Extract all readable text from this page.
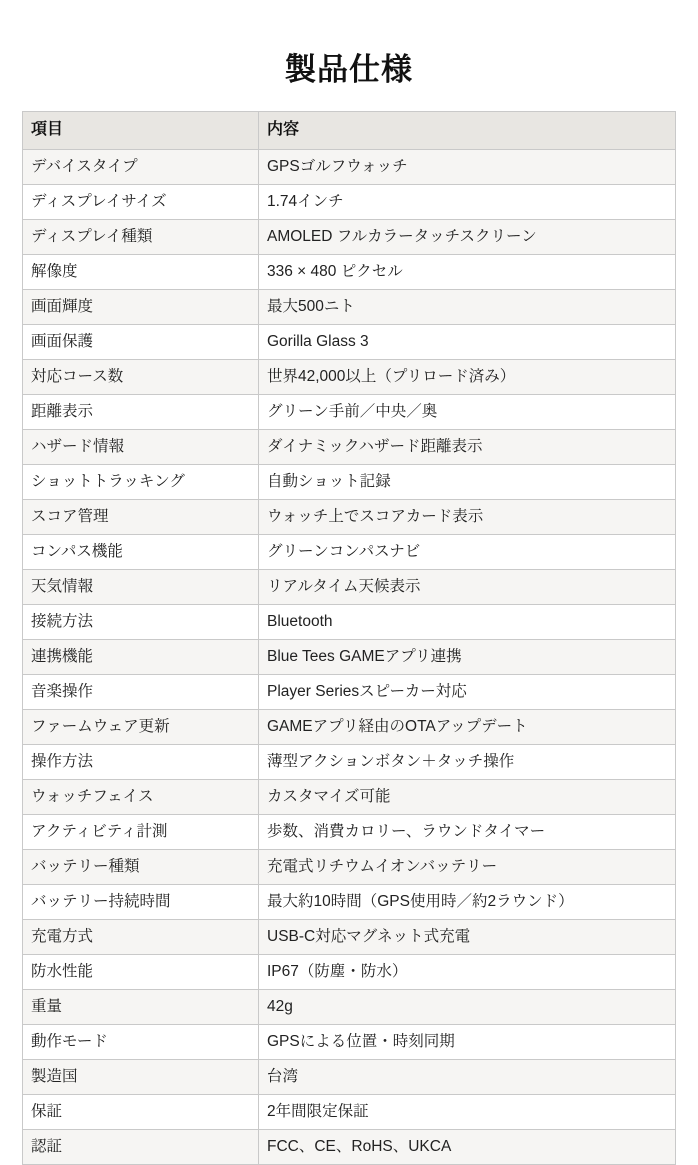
製品仕様
項目	内容
デバイスタイプ	GPSゴルフウォッチ
ディスプレイサイズ	1.74インチ
ディスプレイ種類	AMOLED フルカラータッチスクリーン
解像度	336 × 480 ピクセル
画面輝度	最大500ニト
画面保護	Gorilla Glass 3
対応コース数	世界42,000以上（プリロード済み）
距離表示	グリーン手前／中央／奥
ハザード情報	ダイナミックハザード距離表示
ショットトラッキング	自動ショット記録
スコア管理	ウォッチ上でスコアカード表示
コンパス機能	グリーンコンパスナビ
天気情報	リアルタイム天候表示
接続方法	Bluetooth
連携機能	Blue Tees GAMEアプリ連携
音楽操作	Player Seriesスピーカー対応
ファームウェア更新	GAMEアプリ経由のOTAアップデート
操作方法	薄型アクションボタン＋タッチ操作
ウォッチフェイス	カスタマイズ可能
アクティビティ計測	歩数、消費カロリー、ラウンドタイマー
バッテリー種類	充電式リチウムイオンバッテリー
バッテリー持続時間	最大約10時間（GPS使用時／約2ラウンド）
充電方式	USB-C対応マグネット式充電
防水性能	IP67（防塵・防水）
重量	42g
動作モード	GPSによる位置・時刻同期
製造国	台湾
保証	2年間限定保証
認証	FCC、CE、RoHS、UKCA
